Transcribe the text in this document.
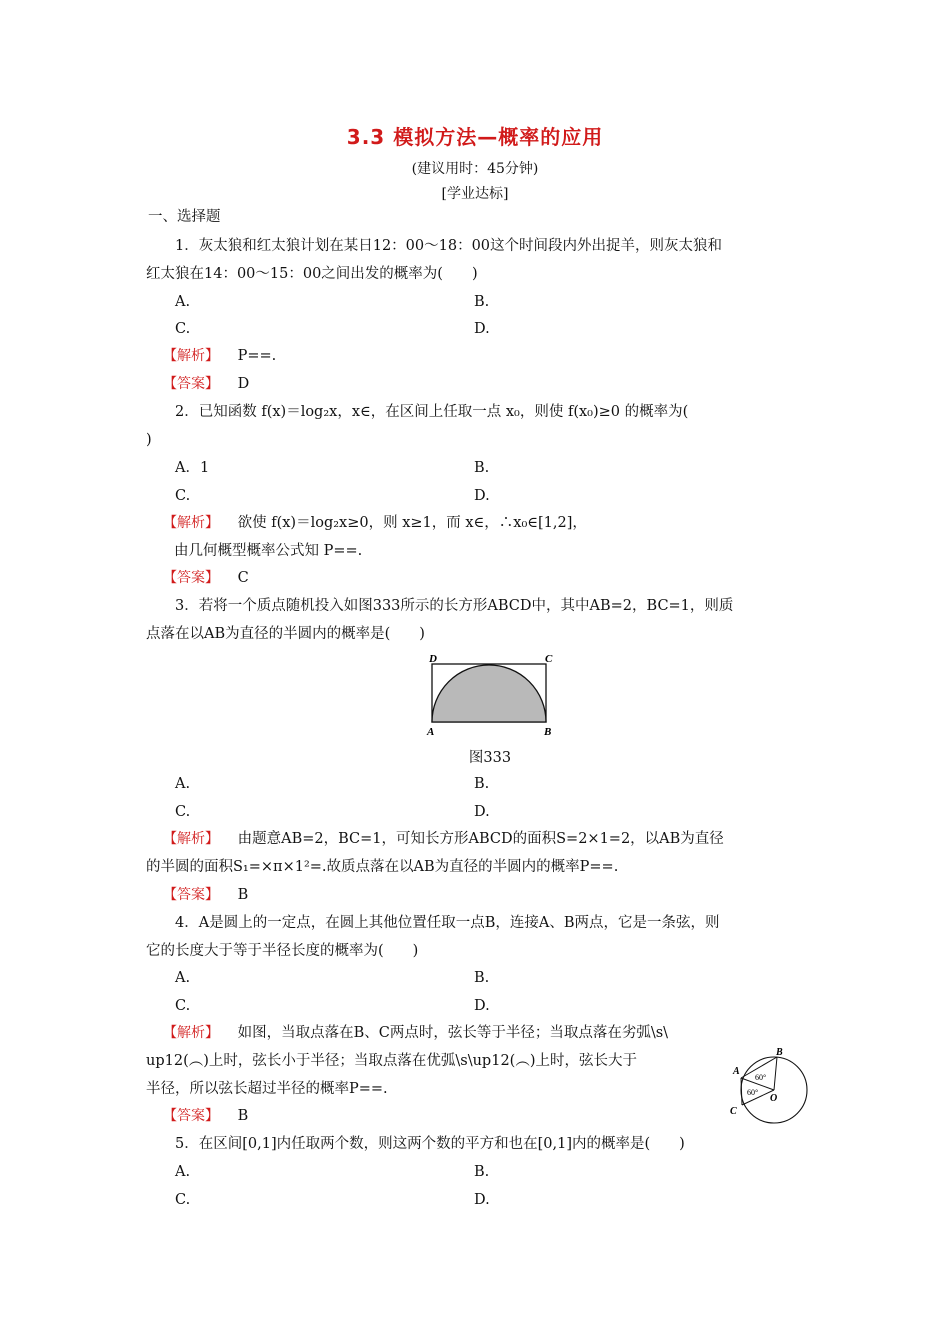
3.3 模拟方法—概率的应用
(建议用时：45分钟)
[学业达标]
一、选择题
1．灰太狼和红太狼计划在某日12：00～18：00这个时间段内外出捉羊，则灰太狼和
红太狼在14：00～15：00之间出发的概率为(　　)
A.	B.
C.	D.
【解析】 P==.
【答案】 D
2．已知函数 f(x)＝log₂x，x∈，在区间上任取一点 x₀，则使 f(x₀)≥0 的概率为(
)
A．1	B.
C.	D.
【解析】 欲使 f(x)＝log₂x≥0，则 x≥1，而 x∈，∴x₀∈[1,2]，
由几何概型概率公式知 P==.
【答案】 C
3．若将一个质点随机投入如图333所示的长方形ABCD中，其中AB=2，BC=1，则质
点落在以AB为直径的半圆内的概率是(　　)
D	C
A	B
图333
A.	B.
C.	D.
【解析】 由题意AB=2，BC=1，可知长方形ABCD的面积S=2×1=2，以AB为直径
的半圆的面积S₁=×π×1²=.故质点落在以AB为直径的半圆内的概率P==.
【答案】 B
4．A是圆上的一定点，在圆上其他位置任取一点B，连接A、B两点，它是一条弦，则
它的长度大于等于半径长度的概率为(　　)
A.	B.
C.	D.
【解析】 如图，当取点落在B、C两点时，弦长等于半径；当取点落在劣弧\s\
up12(︵)上时，弦长小于半径；当取点落在优弧\s\up12(︵)上时，弦长大于
半径，所以弦长超过半径的概率P==.
A
B
C
O
60°
60°
【答案】 B
5．在区间[0,1]内任取两个数，则这两个数的平方和也在[0,1]内的概率是(　　)
A.	B.
C.	D.
